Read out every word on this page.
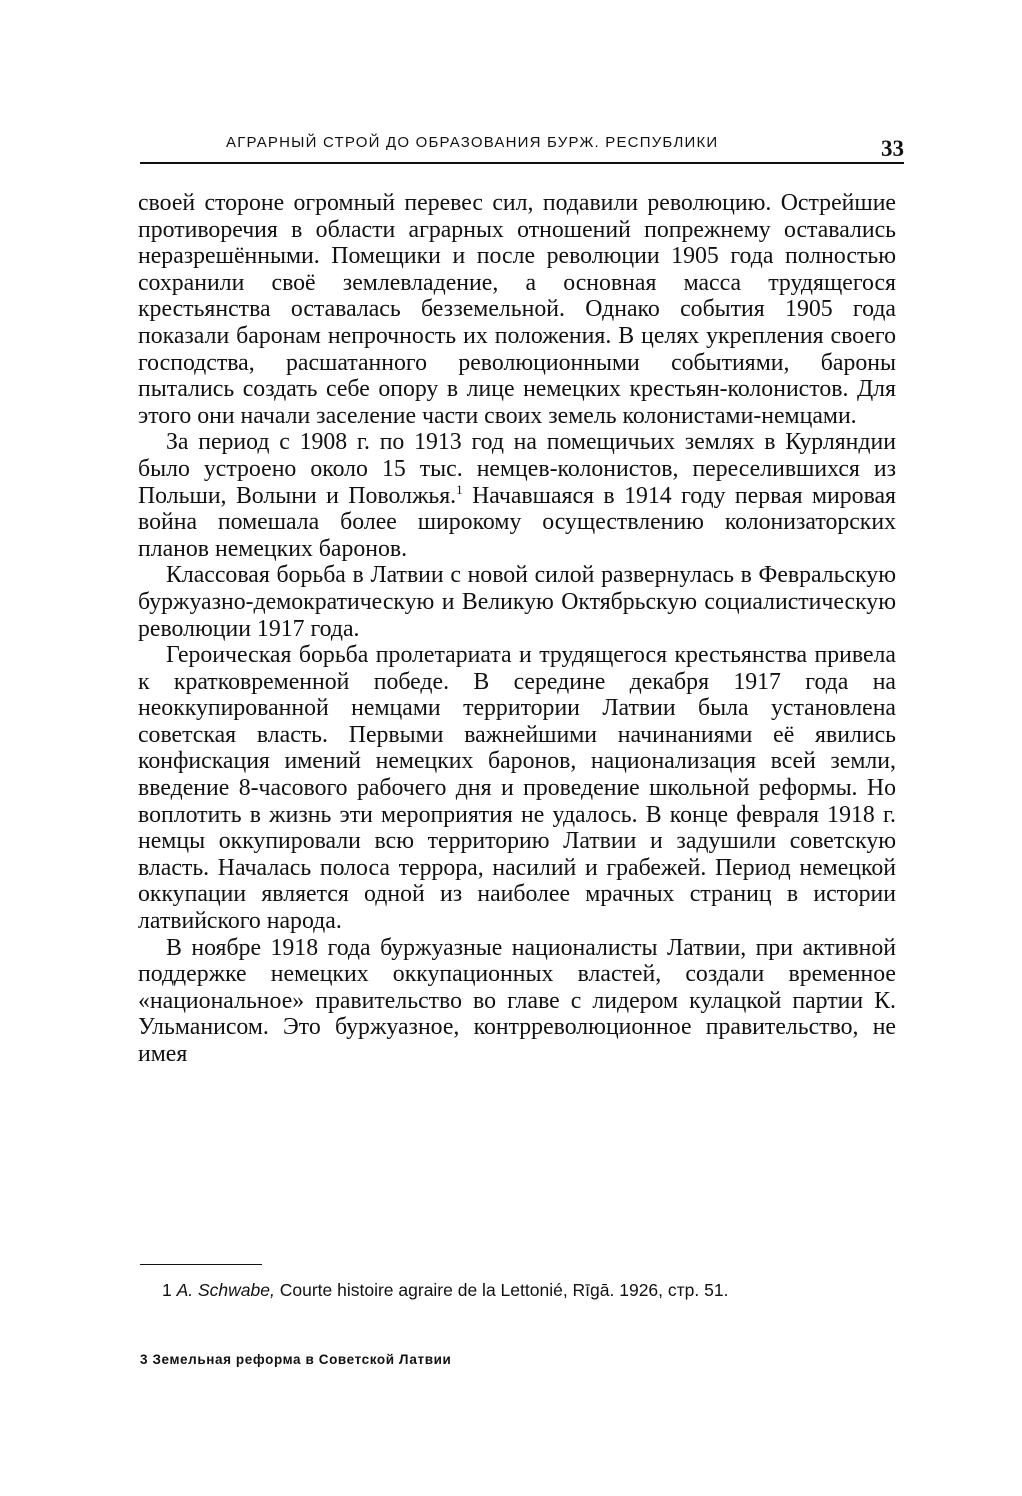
АГРАРНЫЙ СТРОЙ ДО ОБРАЗОВАНИЯ БУРЖ. РЕСПУБЛИКИ	33

своей стороне огромный перевес сил, подавили революцию. Острейшие противоречия в области аграрных отношений попрежнему оставались неразрешёнными. Помещики и после революции 1905 года полностью сохранили своё землевладение, а основная масса трудящегося крестьянства оставалась безземельной. Однако события 1905 года показали баронам непрочность их положения. В целях укрепления своего господства, расшатанного революционными событиями, бароны пытались создать себе опору в лице немецких крестьян-колонистов. Для этого они начали заселение части своих земель колонистами-немцами.

За период с 1908 г. по 1913 год на помещичьих землях в Курляндии было устроено около 15 тыс. немцев-колонистов, переселившихся из Польши, Волыни и Поволжья.$^1$ Начавшаяся в 1914 году первая мировая война помешала более широкому осуществлению колонизаторских планов немецких баронов.

Классовая борьба в Латвии с новой силой развернулась в Февральскую буржуазно-демократическую и Великую Октябрьскую социалистическую революции 1917 года.

Героическая борьба пролетариата и трудящегося крестьянства привела к кратковременной победе. В середине декабря 1917 года на неоккупированной немцами территории Латвии была установлена советская власть. Первыми важнейшими начинаниями её явились конфискация имений немецких баронов, национализация всей земли, введение 8-часового рабочего дня и проведение школьной реформы. Но воплотить в жизнь эти мероприятия не удалось. В конце февраля 1918 г. немцы оккупировали всю территорию Латвии и задушили советскую власть. Началась полоса террора, насилий и грабежей. Период немецкой оккупации является одной из наиболее мрачных страниц в истории латвийского народа.

В ноябре 1918 года буржуазные националисты Латвии, при активной поддержке немецких оккупационных властей, создали временное «национальное» правительство во главе с лидером кулацкой партии К. Ульманисом. Это буржуазное, контрреволюционное правительство, не имея

1 A. Schwabe, Courte histoire agraire de la Lettonié, Rīgā. 1926, стр. 51.
3 Земельная реформа в Советской Латвии
